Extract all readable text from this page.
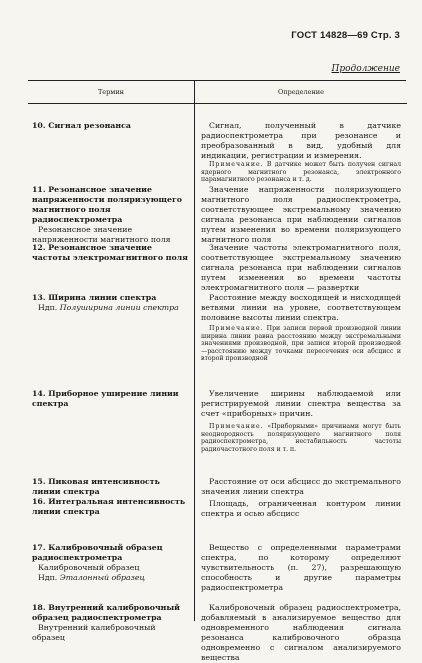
ГОСТ 14828—69 Стр. 3
Продолжение
Термин	Определение
10. Сигнал резонанса
11. Резонансное значение напряженности поляризующего магнитного поля радиоспектрометра
Резонансное значение напряженности магнитного поля
12. Резонансное значение частоты электромагнитного поля
13. Ширина линии спектра
Ндп. Полуширина линии спектра
14. Приборное уширение линии спектра
15. Пиковая интенсивность линии спектра
16. Интегральная интенсивность линии спектра
17. Калибровочный образец радиоспектрометра
Калибровочный образец
Ндп. Эталонный образец
18. Внутренний калибровочный образец радиоспектрометра
Внутренний калибровочный образец
Сигнал, полученный в датчике радиоспектрометра при резонансе и преобразованный в вид, удобный для индикации, регистрации и измерения.
Примечание. В датчике может быть получен сигнал ядерного магнитного резонанса, электронного парамагнитного резонанса и т. д.
Значение напряженности поляризующего магнитного поля радиоспектрометра, соответствующее экстремальному значению сигнала резонанса при наблюдении сигналов путем изменения во времени поляризующего магнитного поля
Значение частоты электромагнитного поля, соответствующее экстремальному значению сигнала резонанса при наблюдении сигналов путем изменения во времени частоты электромагнитного поля — развертки
Расстояние между восходящей и нисходящей ветвями линии на уровне, соответствующем половине высоты линии спектра.
Примечание. При записи первой производной линии ширина линии равна расстоянию между экстремальными значениями производной, при записи второй производной—расстоянию между точками пересечения оси абсцисс и второй производной
Увеличение ширины наблюдаемой или регистрируемой линии спектра вещества за счет «приборных» причин.
Примечание. «Приборными» причинами могут быть неоднородность поляризующего магнитного поля радиоспектрометра, нестабильность частоты радиочастотного поля и т. п.
Расстояние от оси абсцисс до экстремального значения линии спектра
Площадь, ограниченная контуром линии спектра и осью абсцисс
Вещество с определенными параметрами спектра, по которому определяют чувствительность (п. 27), разрешающую способность и другие параметры радиоспектрометра
Калибровочный образец радиоспектрометра, добавляемый в анализируемое вещество для одновременного наблюдения сигнала резонанса калибровочного образца одновременно с сигналом анализируемого вещества
